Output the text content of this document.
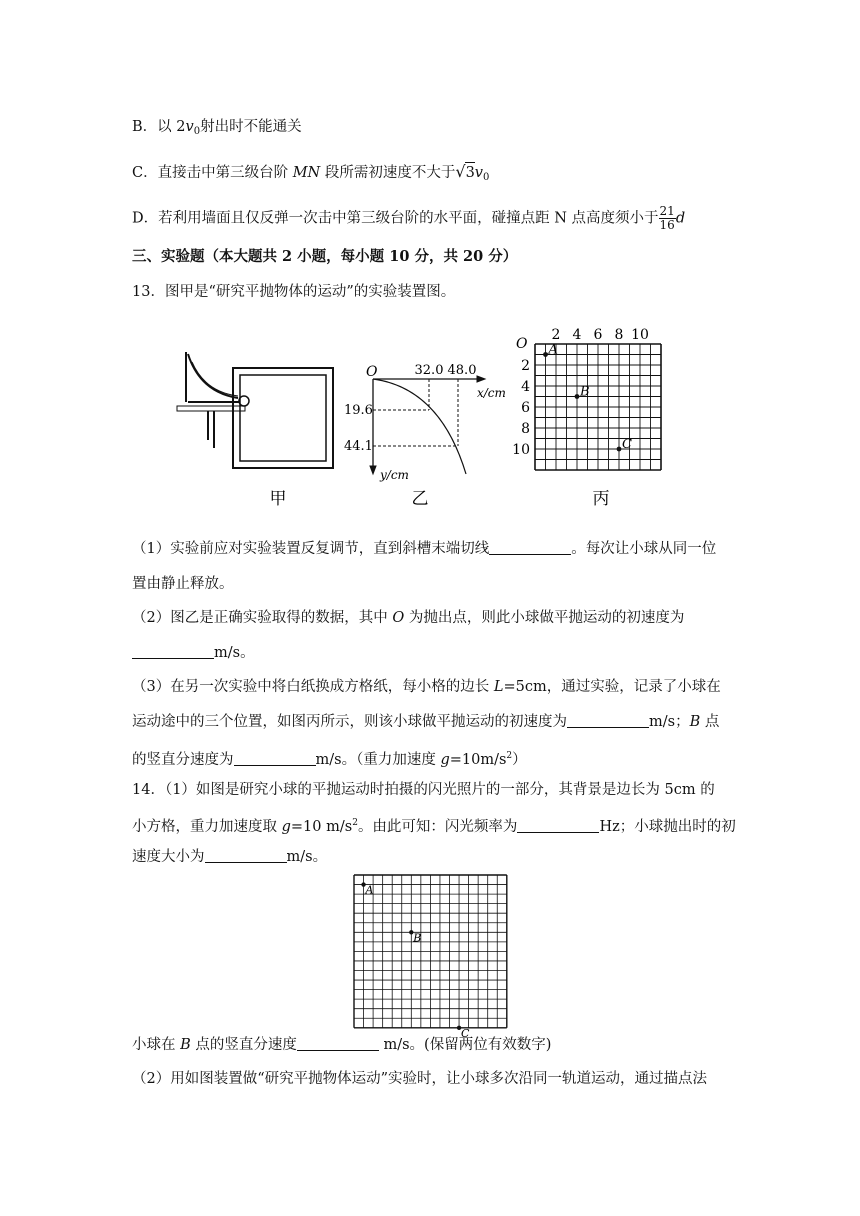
B．以 $2v_0$射出时不能通关
C．直接击中第三级台阶 MN 段所需初速度不大于$√3v_0$
D．若利用墙面且仅反弹一次击中第三级台阶的水平面，碰撞点距 N 点高度须小于 $\frac{21}{16}$ d
三、实验题（本大题共 2 小题，每小题 10 分，共 20 分）
13．图甲是“研究平抛物体的运动”的实验装置图。
甲
O	32.0 48.0
x/cm
19.6
44.1
y/cm
乙
A
B
C
O
2 4 6 8 10
2
4
6
8
10
丙
（1）实验前应对实验装置反复调节，直到斜槽末端切线	。每次让小球从同一位
置由静止释放。
（2）图乙是正确实验取得的数据，其中 O 为抛出点，则此小球做平抛运动的初速度为
m/s。
（3）在另一次实验中将白纸换成方格纸，每小格的边长 L=5cm，通过实验，记录了小球在
运动途中的三个位置，如图丙所示，则该小球做平抛运动的初速度为	m/s；B 点
的竖直分速度为	m/s。（重力加速度 $g=10m/s^2$）
14．（1）如图是研究小球的平抛运动时拍摄的闪光照片的一部分，其背景是边长为 5cm 的
小方格，重力加速度取 g=10 $m/s^2$。由此可知：闪光频率为	Hz；小球抛出时的初
速度大小为	m/s。
A
B
C
小球在 B 点的竖直分速度	m/s。(保留两位有效数字)
（2）用如图装置做“研究平抛物体运动”实验时，让小球多次沿同一轨道运动，通过描点法
